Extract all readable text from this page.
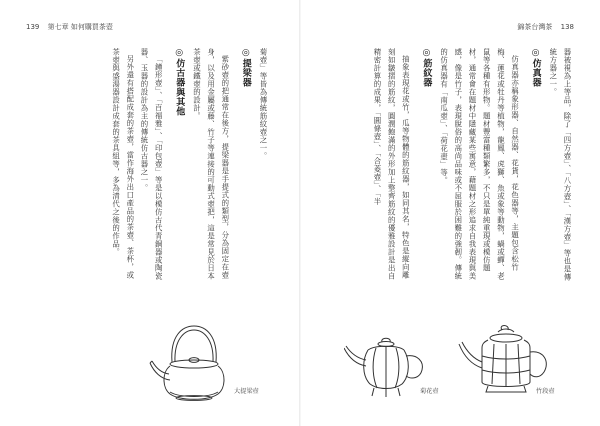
139 第七章 如何購買茶壺

菊壺」等皆為傳統筋紋壺之一。

◎提梁器

紫砂壺的把通常在後方，提梁器是手提式的類型，分為固定在壺身，以及用金屬或藤、竹子等連接的可動式壺把，這是常見於日本茶壺或鐵壺的設計。

◎仿古器與其他

「鐘形壺」、「百福雅」、「印包壺」等是以模仿古代青銅器或陶瓷器、玉器的設計為主的傳統仿古器之一。

另外還有搭配成套的茶壺，當作海外出口產品的茶壺、茶杯，或茶壺與盛湯器設計成套的茶具組等，多為清代之後的作品。

大提梁壺
錦茶台灣茶 138

器被視為上等品，除了「四方壺」、「八方壺」、「漢方壺」等也是傳統方器之一。

◎仿真器

仿真器亦稱象形器、自然器、花貨，花色器等，主題包含松竹梅、蓮花或牡丹等植物，龍鳳、虎獅、魚或象等動物，蝸或蟬、老鼠等各種有形物。題材豐富種類繁多，不只是單純重現或模仿題材，通常會在題材中隱藏某些寓意，藉題材之形追求自我表現與美感，像是竹子，表現脫俗的高尚品味或不屈服於困難的強韌。傳統的仿真器有「南瓜壺」、「荷花壺」等。

◎筋紋器

抽象表現花或竹，瓜等物體的筋紋器，如同其名，特色是縱向雕刻如皺摺的筋紋，圓潤飽滿的外形加上整齊筋紋的優雅設計是出自精密計算的成果，「圓條壺」、「合菱壺」、「半

菊花壺	竹段壺
